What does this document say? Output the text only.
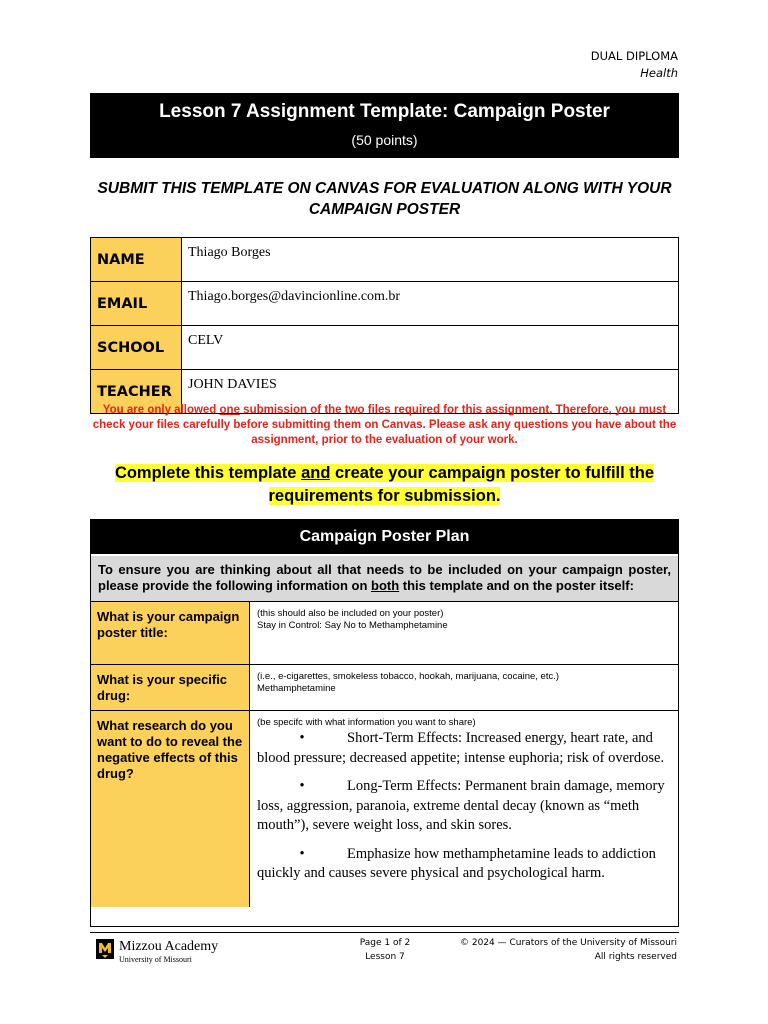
DUAL DIPLOMA
Health
Lesson 7 Assignment Template: Campaign Poster
(50 points)
SUBMIT THIS TEMPLATE ON CANVAS FOR EVALUATION ALONG WITH YOUR CAMPAIGN POSTER
NAME	Thiago Borges
EMAIL	Thiago.borges@davincionline.com.br
SCHOOL	CELV
TEACHER	JOHN DAVIES
You are only allowed one submission of the two files required for this assignment. Therefore, you must check your files carefully before submitting them on Canvas. Please ask any questions you have about the assignment, prior to the evaluation of your work.
Complete this template and create your campaign poster to fulfill the requirements for submission.
Campaign Poster Plan
To ensure you are thinking about all that needs to be included on your campaign poster, please provide the following information on both this template and on the poster itself:
What is your campaign poster title:
(this should also be included on your poster)
Stay in Control: Say No to Methamphetamine
What is your specific drug:
(i.e., e-cigarettes, smokeless tobacco, hookah, marijuana, cocaine, etc.)
Methamphetamine
What research do you want to do to reveal the negative effects of this drug?
(be specifc with what information you want to share)
•	Short-Term Effects: Increased energy, heart rate, and blood pressure; decreased appetite; intense euphoria; risk of overdose.
•	Long-Term Effects: Permanent brain damage, memory loss, aggression, paranoia, extreme dental decay (known as “meth mouth”), severe weight loss, and skin sores.
•	Emphasize how methamphetamine leads to addiction quickly and causes severe physical and psychological harm.
Mizzou Academy
University of Missouri
Page 1 of 2
Lesson 7
© 2024 — Curators of the University of Missouri
All rights reserved
